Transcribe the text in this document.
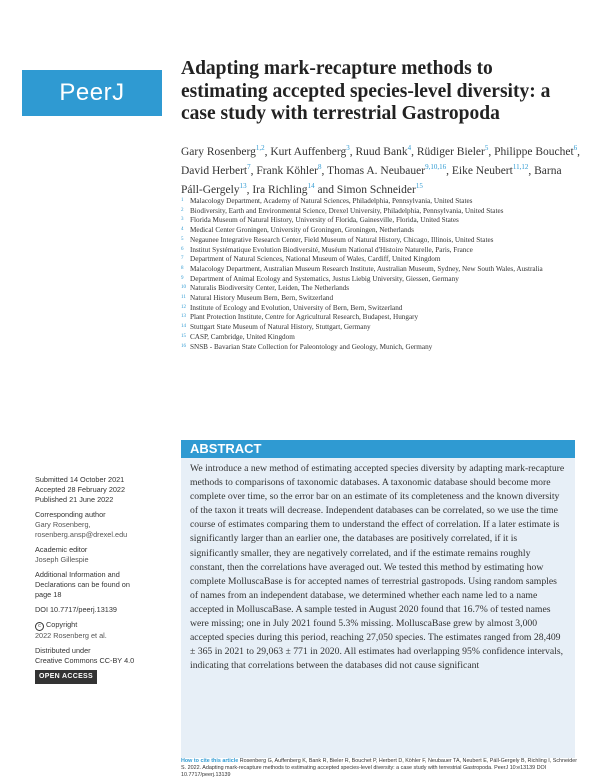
PeerJ
Adapting mark-recapture methods to estimating accepted species-level diversity: a case study with terrestrial Gastropoda
Gary Rosenberg$^{1,2}$, Kurt Auffenberg$^3$, Ruud Bank$^4$, Rüdiger Bieler$^5$, Philippe Bouchet$^6$, David Herbert$^7$, Frank Köhler$^8$, Thomas A. Neubauer$^{9,10,16}$, Eike Neubert$^{11,12}$, Barna Páll-Gergely$^{13}$, Ira Richling$^{14}$ and Simon Schneider$^{15}$
1 Malacology Department, Academy of Natural Sciences, Philadelphia, Pennsylvania, United States
2 Biodiversity, Earth and Environmental Science, Drexel University, Philadelphia, Pennsylvania, United States
3 Florida Museum of Natural History, University of Florida, Gainesville, Florida, United States
4 Medical Center Groningen, University of Groningen, Groningen, Netherlands
5 Negaunee Integrative Research Center, Field Museum of Natural History, Chicago, Illinois, United States
6 Institut Systématique Evolution Biodiversité, Muséum National d'Histoire Naturelle, Paris, France
7 Department of Natural Sciences, National Museum of Wales, Cardiff, United Kingdom
8 Malacology Department, Australian Museum Research Institute, Australian Museum, Sydney, New South Wales, Australia
9 Department of Animal Ecology and Systematics, Justus Liebig University, Giessen, Germany
10 Naturalis Biodiversity Center, Leiden, The Netherlands
11 Natural History Museum Bern, Bern, Switzerland
12 Institute of Ecology and Evolution, University of Bern, Bern, Switzerland
13 Plant Protection Institute, Centre for Agricultural Research, Budapest, Hungary
14 Stuttgart State Museum of Natural History, Stuttgart, Germany
15 CASP, Cambridge, United Kingdom
16 SNSB - Bavarian State Collection for Paleontology and Geology, Munich, Germany
ABSTRACT

We introduce a new method of estimating accepted species diversity by adapting mark-recapture methods to comparisons of taxonomic databases. A taxonomic database should become more complete over time, so the error bar on an estimate of its completeness and the known diversity of the taxon it treats will decrease. Independent databases can be correlated, so we use the time course of estimates comparing them to understand the effect of correlation. If a later estimate is significantly larger than an earlier one, the databases are positively correlated, if it is significantly smaller, they are negatively correlated, and if the estimate remains roughly constant, then the correlations have averaged out. We tested this method by estimating how complete MolluscaBase is for accepted names of terrestrial gastropods. Using random samples of names from an independent database, we determined whether each name led to a name accepted in MolluscaBase. A sample tested in August 2020 found that 16.7% of tested names were missing; one in July 2021 found 5.3% missing. MolluscaBase grew by almost 3,000 accepted species during this period, reaching 27,050 species. The estimates ranged from 28,409 ± 365 in 2021 to 29,063 ± 771 in 2020. All estimates had overlapping 95% confidence intervals, indicating that correlations between the databases did not cause significant

Submitted 14 October 2021
Accepted 28 February 2022
Published 21 June 2022
Corresponding author
Gary Rosenberg,
rosenberg.ansp@drexel.edu
Academic editor
Joseph Gillespie
Additional Information and
Declarations can be found on
page 18
DOI 10.7717/peerj.13139
c Copyright
2022 Rosenberg et al.
Distributed under
Creative Commons CC-BY 4.0
OPEN ACCESS
How to cite this article Rosenberg G, Auffenberg K, Bank R, Bieler R, Bouchet P, Herbert D, Köhler F, Neubauer TA, Neubert E, Páll-Gergely B, Richling I, Schneider S. 2022. Adapting mark-recapture methods to estimating accepted species-level diversity: a case study with terrestrial Gastropoda. PeerJ 10:e13139 DOI 10.7717/peerj.13139
